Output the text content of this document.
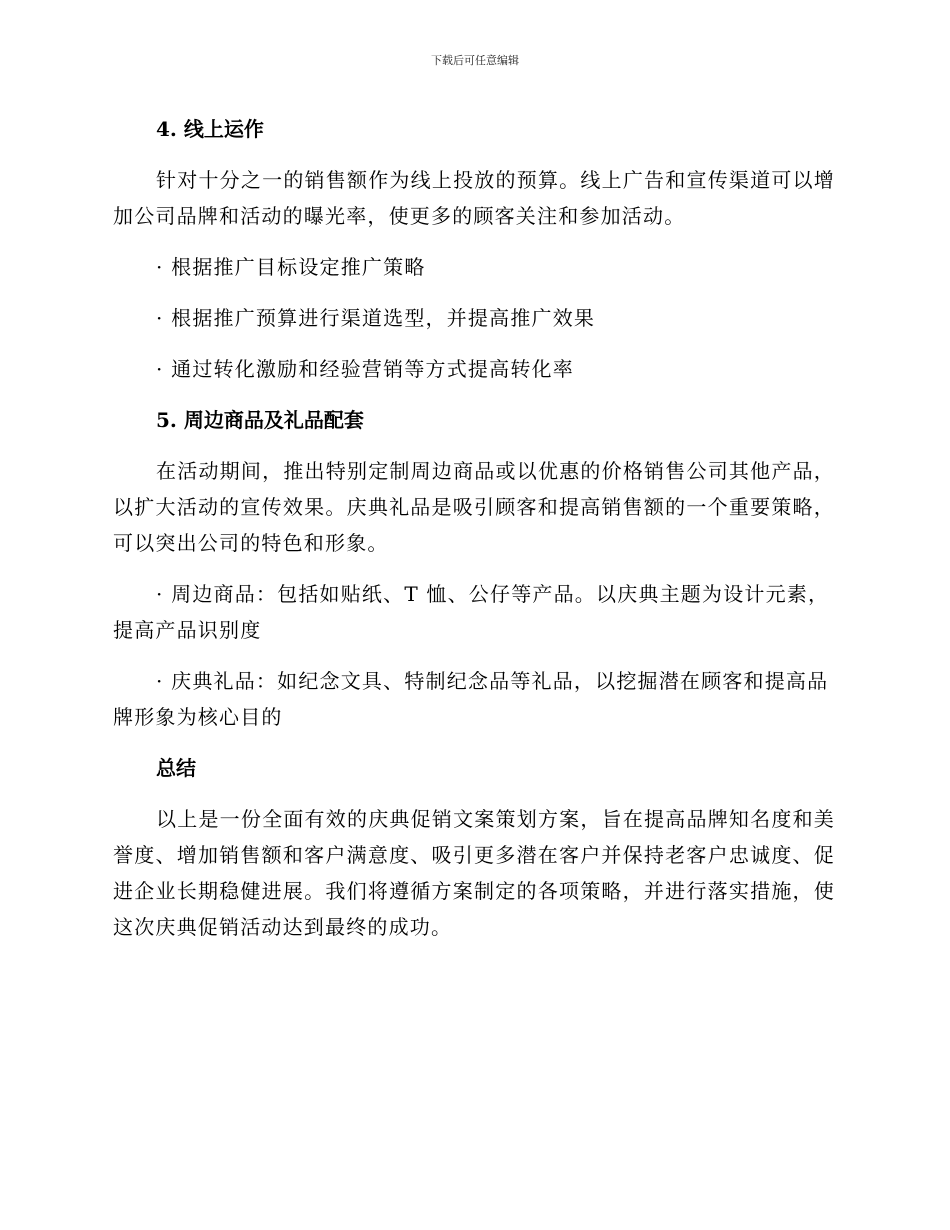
下载后可任意编辑
4. 线上运作
针对十分之一的销售额作为线上投放的预算。线上广告和宣传渠道可以增加公司品牌和活动的曝光率，使更多的顾客关注和参加活动。
· 根据推广目标设定推广策略
· 根据推广预算进行渠道选型，并提高推广效果
· 通过转化激励和经验营销等方式提高转化率
5. 周边商品及礼品配套
在活动期间，推出特别定制周边商品或以优惠的价格销售公司其他产品，以扩大活动的宣传效果。庆典礼品是吸引顾客和提高销售额的一个重要策略，可以突出公司的特色和形象。
· 周边商品：包括如贴纸、T 恤、公仔等产品。以庆典主题为设计元素，提高产品识别度
· 庆典礼品：如纪念文具、特制纪念品等礼品，以挖掘潜在顾客和提高品牌形象为核心目的
总结
以上是一份全面有效的庆典促销文案策划方案，旨在提高品牌知名度和美誉度、增加销售额和客户满意度、吸引更多潜在客户并保持老客户忠诚度、促进企业长期稳健进展。我们将遵循方案制定的各项策略，并进行落实措施，使这次庆典促销活动达到最终的成功。
